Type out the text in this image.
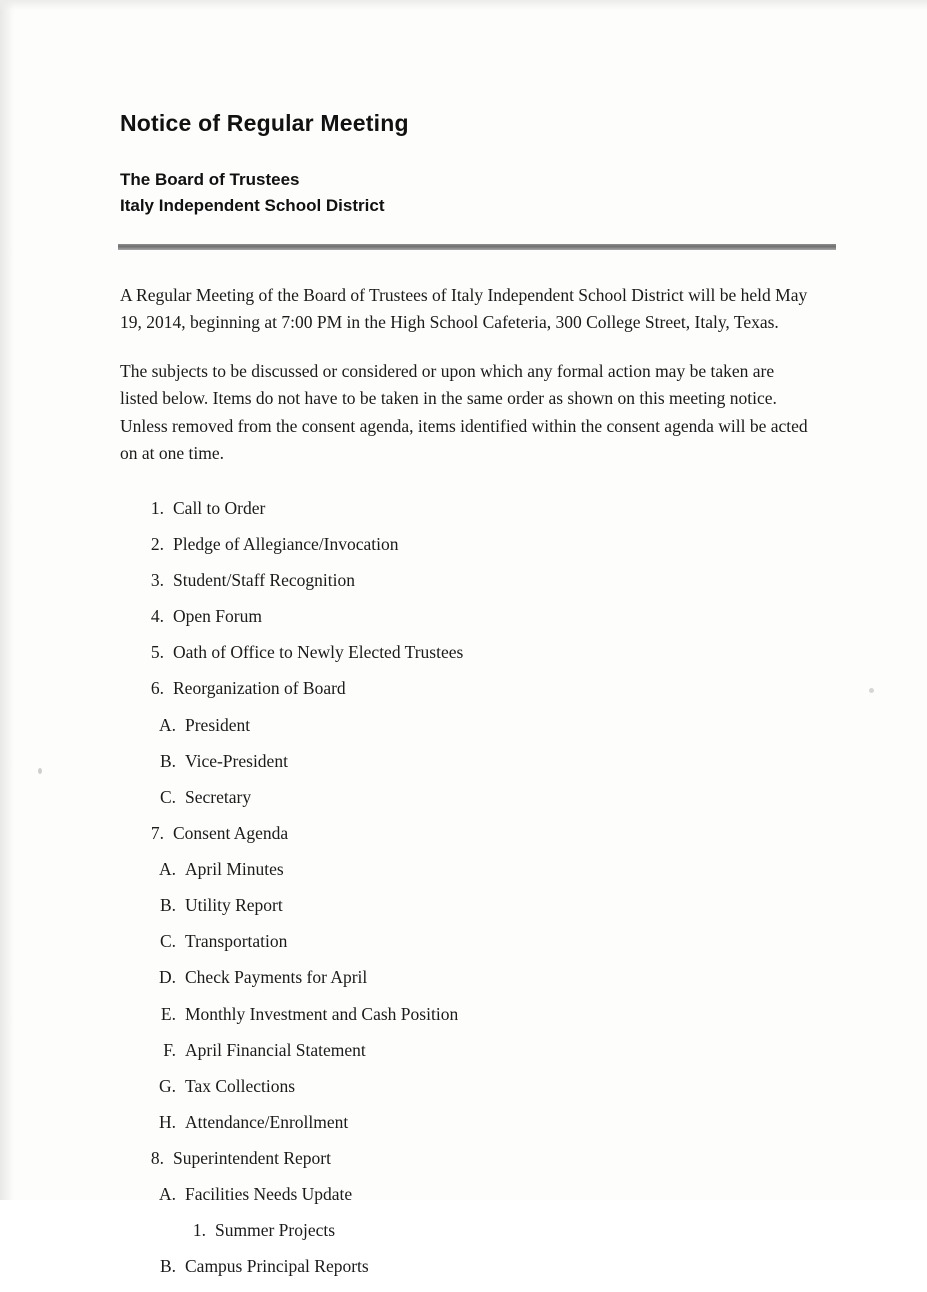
Notice of Regular Meeting
The Board of Trustees
Italy Independent School District

A Regular Meeting of the Board of Trustees of Italy Independent School District will be held May 19, 2014, beginning at 7:00 PM in the High School Cafeteria, 300 College Street, Italy, Texas.

The subjects to be discussed or considered or upon which any formal action may be taken are listed below. Items do not have to be taken in the same order as shown on this meeting notice. Unless removed from the consent agenda, items identified within the consent agenda will be acted on at one time.

1. Call to Order
2. Pledge of Allegiance/Invocation
3. Student/Staff Recognition
4. Open Forum
5. Oath of Office to Newly Elected Trustees
6. Reorganization of Board
A. President
B. Vice-President
C. Secretary
7. Consent Agenda
A. April Minutes
B. Utility Report
C. Transportation
D. Check Payments for April
E. Monthly Investment and Cash Position
F. April Financial Statement
G. Tax Collections
H. Attendance/Enrollment
8. Superintendent Report
A. Facilities Needs Update
1. Summer Projects
B. Campus Principal Reports
